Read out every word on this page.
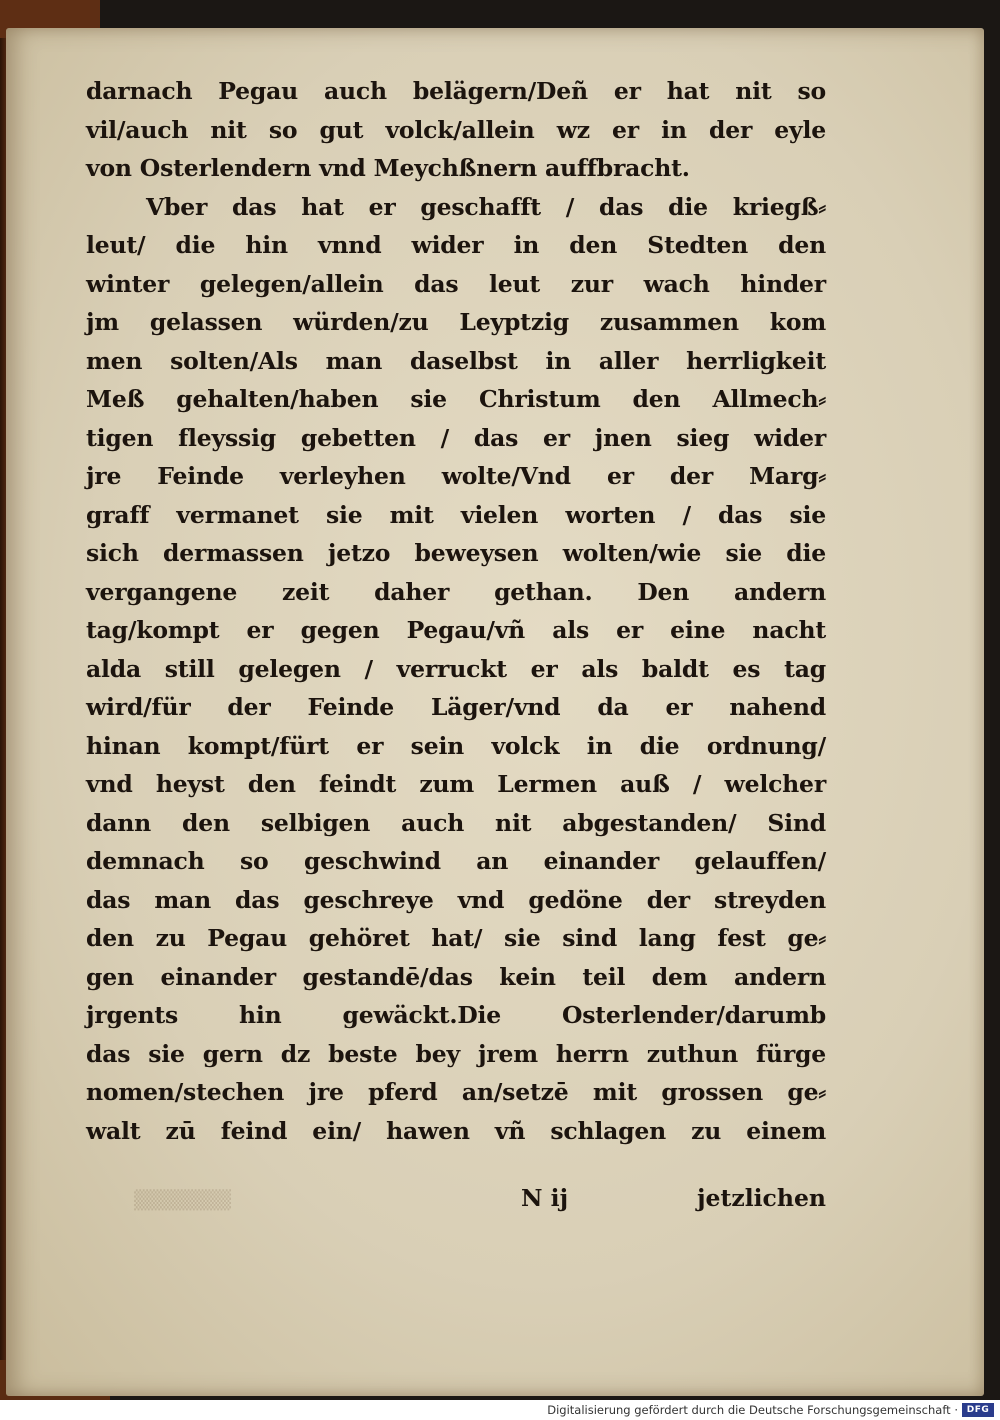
darnach Pegau auch belägern/Deñ er hat nit so
vil/auch nit so gut volck/allein wz er in der eyle
von Osterlendern vnd Meychßnern auffbracht.
Vber das hat er geschafft / das die kriegß⸗
leut/ die hin vnnd wider in den Stedten den
winter gelegen/allein das leut zur wach hinder
jm gelassen würden/zu Leyptzig zusammen kom
men solten/Als man daselbst in aller herrligkeit
Meß gehalten/haben sie Christum den Allmech⸗
tigen fleyssig gebetten / das er jnen sieg wider
jre Feinde verleyhen wolte/Vnd er der Marg⸗
graff vermanet sie mit vielen worten / das sie
sich dermassen jetzo beweysen wolten/wie sie die
vergangene zeit daher gethan. Den andern
tag/kompt er gegen Pegau/vñ als er eine nacht
alda still gelegen / verruckt er als baldt es tag
wird/für der Feinde Läger/vnd da er nahend
hinan kompt/fürt er sein volck in die ordnung/
vnd heyst den feindt zum Lermen auß / welcher
dann den selbigen auch nit abgestanden/ Sind
demnach so geschwind an einander gelauffen/
das man das geschreye vnd gedöne der streyden
den zu Pegau gehöret hat/ sie sind lang fest ge⸗
gen einander gestandē/das kein teil dem andern
jrgents hin gewäckt.Die Osterlender/darumb
das sie gern dz beste bey jrem herrn zuthun fürge
nomen/stechen jre pferd an/setzē mit grossen ge⸗
walt zū feind ein/ hawen vñ schlagen zu einem
N ij	jetzlichen
▒▒▒▒▒▒▒
Digitalisierung gefördert durch die Deutsche Forschungsgemeinschaft · DFG
